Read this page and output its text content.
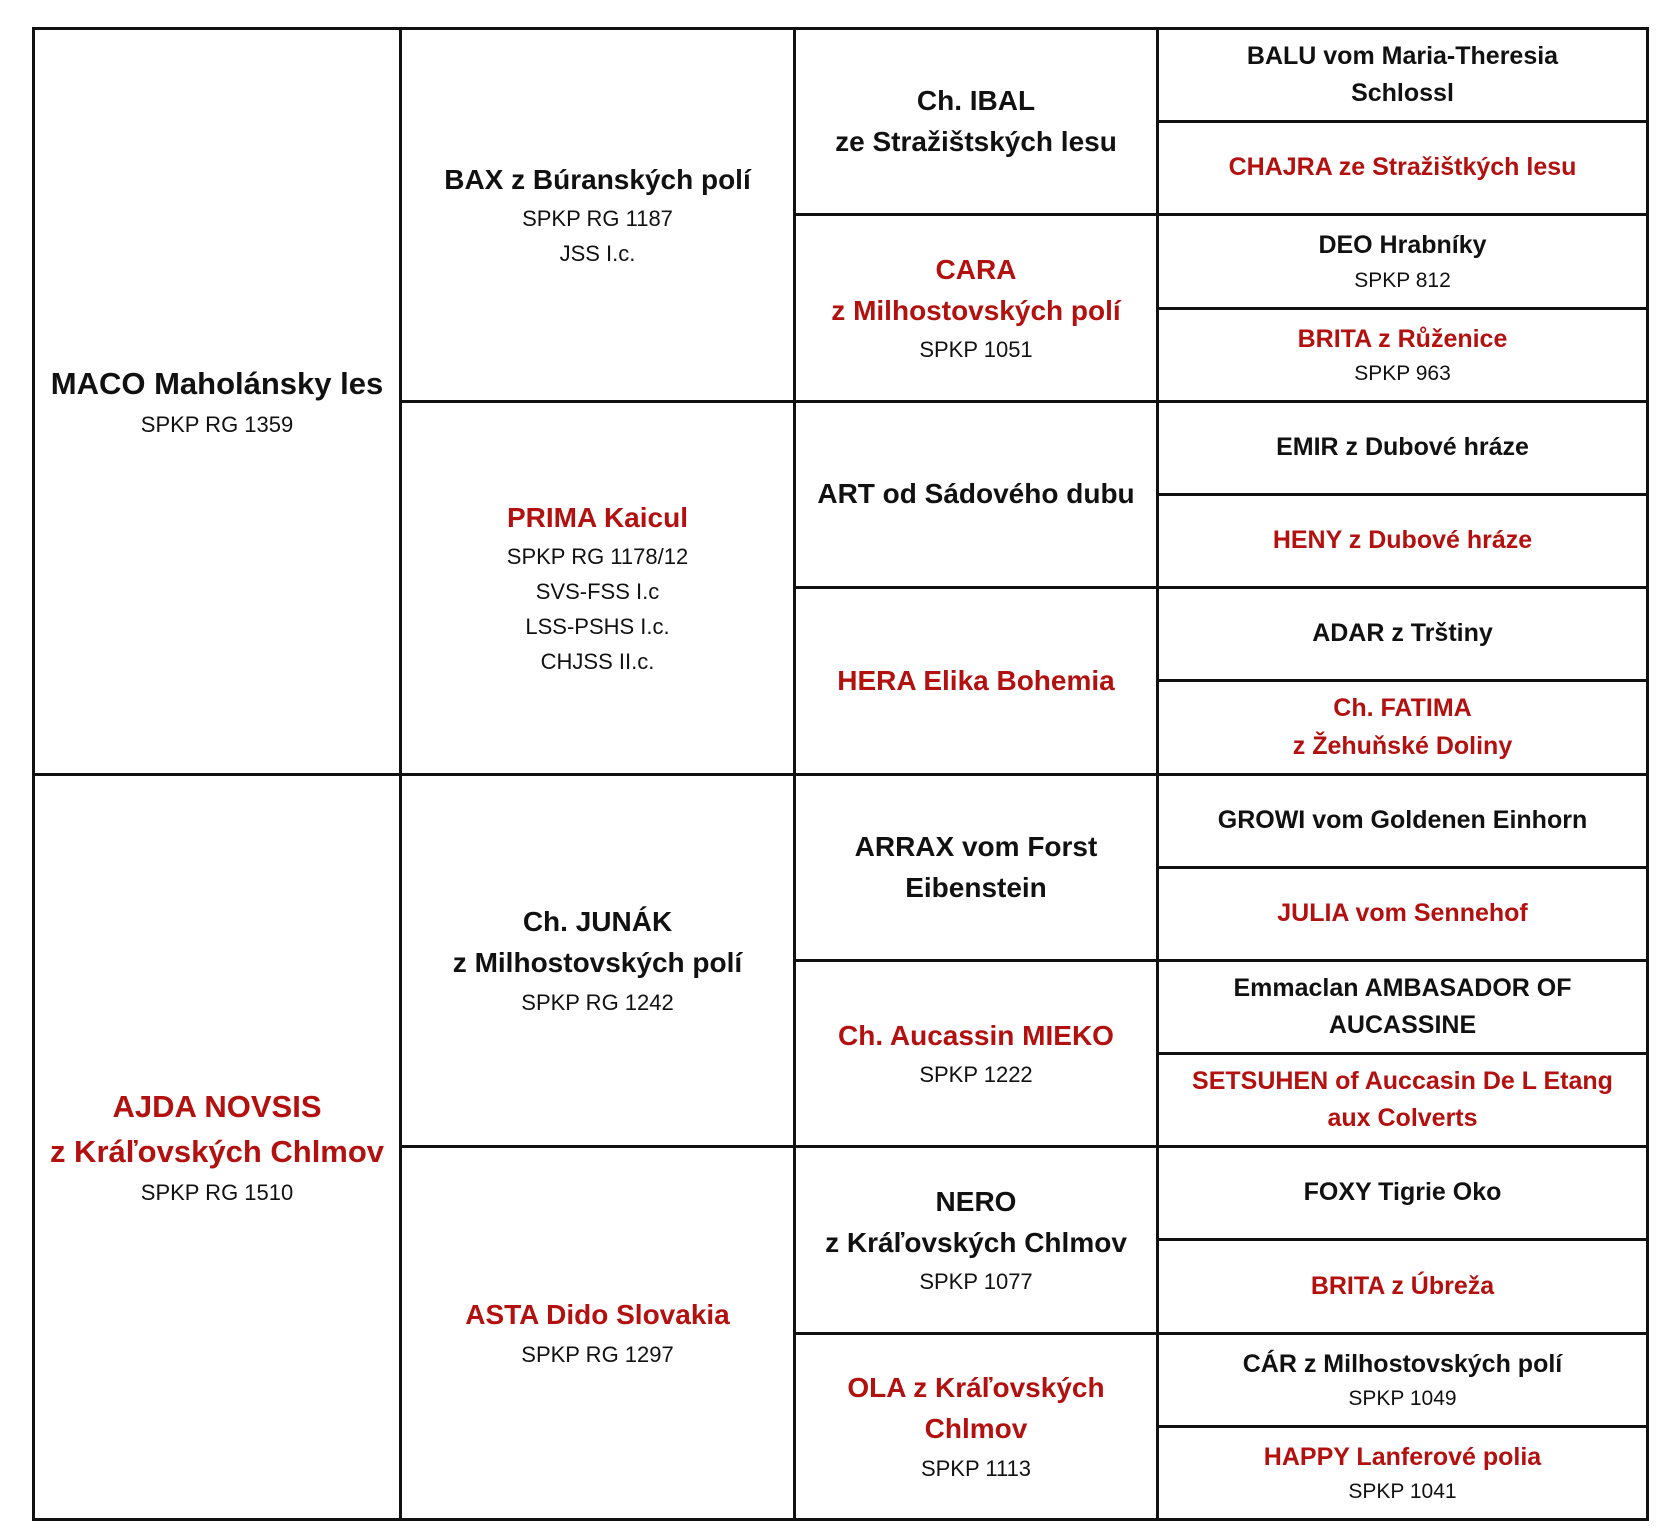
MACO Maholánsky les
SPKP RG 1359
BAX z Búranských polí
SPKP RG 1187
JSS I.c.
Ch. IBAL
ze Stražištských lesu
BALU vom Maria-Theresia
Schlossl
CHAJRA ze Stražištkých lesu
CARA
z Milhostovských polí
SPKP 1051
DEO Hrabníky
SPKP 812
BRITA z Růženice
SPKP 963
PRIMA Kaicul
SPKP RG 1178/12
SVS-FSS I.c
LSS-PSHS I.c.
CHJSS II.c.
ART od Sádového dubu
EMIR z Dubové hráze
HENY z Dubové hráze
HERA Elika Bohemia
ADAR z Trštiny
Ch. FATIMA
z Žehuňské Doliny
AJDA NOVSIS
z Kráľovských Chlmov
SPKP RG 1510
Ch. JUNÁK
z Milhostovských polí
SPKP RG 1242
ARRAX vom Forst
Eibenstein
GROWI vom Goldenen Einhorn
JULIA vom Sennehof
Ch. Aucassin MIEKO
SPKP 1222
Emmaclan AMBASADOR OF
AUCASSINE
SETSUHEN of Auccasin De L Etang
aux Colverts
ASTA Dido Slovakia
SPKP RG 1297
NERO
z Kráľovských Chlmov
SPKP 1077
FOXY Tigrie Oko
BRITA z Úbreža
OLA z Kráľovských Chlmov
SPKP 1113
CÁR z Milhostovských polí
SPKP 1049
HAPPY Lanferové polia
SPKP 1041
